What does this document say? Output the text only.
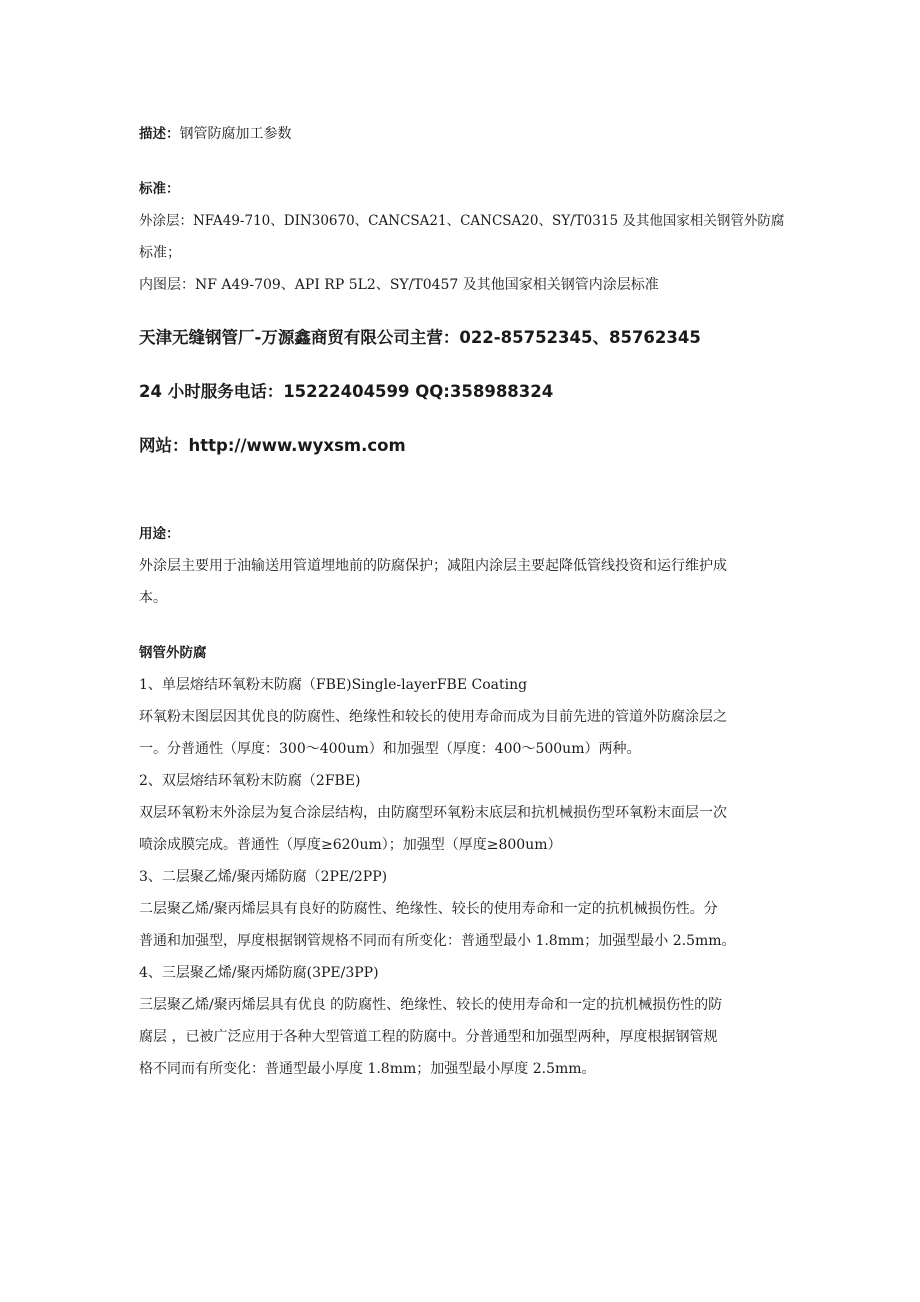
描述：钢管防腐加工参数
标准：
外涂层：NFA49-710、DIN30670、CANCSA21、CANCSA20、SY/T0315 及其他国家相关钢管外防腐
标准；
内图层：NF A49-709、API RP 5L2、SY/T0457 及其他国家相关钢管内涂层标准
天津无缝钢管厂-万源鑫商贸有限公司主营：022-85752345、85762345
24 小时服务电话：15222404599 QQ:358988324
网站：http://www.wyxsm.com
用途：
外涂层主要用于油输送用管道埋地前的防腐保护；减阻内涂层主要起降低管线投资和运行维护成
本。
钢管外防腐
1、单层熔结环氧粉末防腐（FBE)Single-layerFBE Coating
环氧粉末图层因其优良的防腐性、绝缘性和较长的使用寿命而成为目前先进的管道外防腐涂层之
一。分普通性（厚度：300～400um）和加强型（厚度：400～500um）两种。
2、双层熔结环氧粉末防腐（2FBE)
双层环氧粉末外涂层为复合涂层结构，由防腐型环氧粉末底层和抗机械损伤型环氧粉末面层一次
喷涂成膜完成。普通性（厚度≥620um）；加强型（厚度≥800um）
3、二层聚乙烯/聚丙烯防腐（2PE/2PP)
二层聚乙烯/聚丙烯层具有良好的防腐性、绝缘性、较长的使用寿命和一定的抗机械损伤性。分
普通和加强型，厚度根据钢管规格不同而有所变化：普通型最小 1.8mm；加强型最小 2.5mm。
4、三层聚乙烯/聚丙烯防腐(3PE/3PP)
三层聚乙烯/聚丙烯层具有优良 的防腐性、绝缘性、较长的使用寿命和一定的抗机械损伤性的防
腐层 ，已被广泛应用于各种大型管道工程的防腐中。分普通型和加强型两种，厚度根据钢管规
格不同而有所变化：普通型最小厚度 1.8mm；加强型最小厚度 2.5mm。
